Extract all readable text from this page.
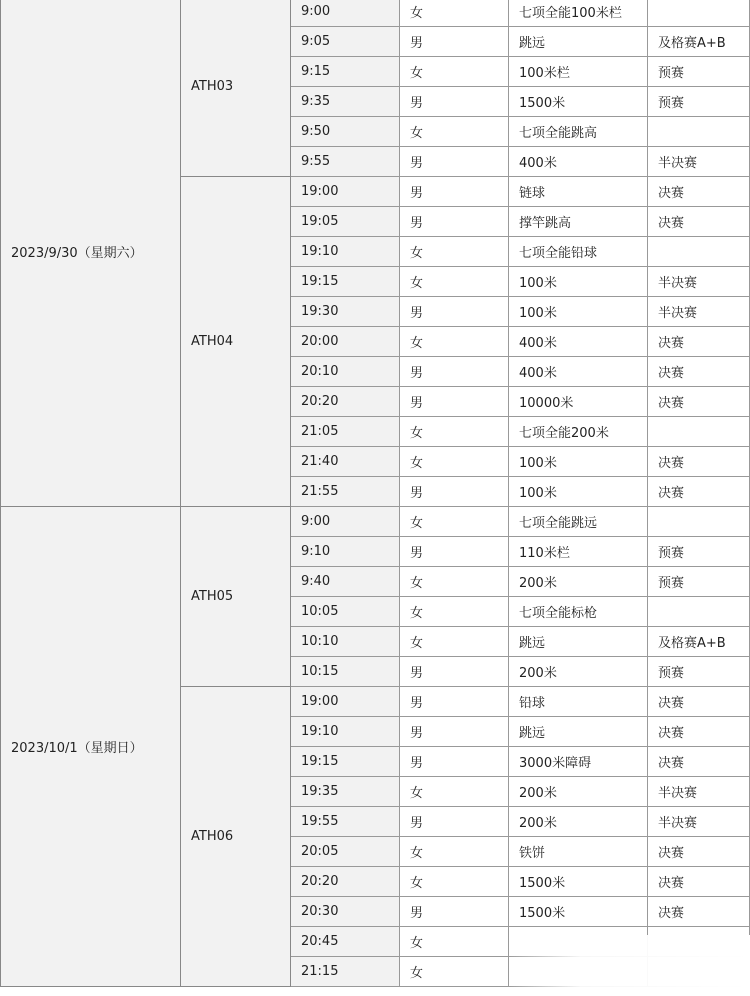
2023/9/30（星期六）	ATH03	9:00	女	七项全能100米栏	
		9:05	男	跳远	及格赛A+B
		9:15	女	100米栏	预赛
		9:35	男	1500米	预赛
		9:50	女	七项全能跳高	
		9:55	男	400米	半决赛
	ATH04	19:00	男	链球	决赛
		19:05	男	撑竿跳高	决赛
		19:10	女	七项全能铅球	
		19:15	女	100米	半决赛
		19:30	男	100米	半决赛
		20:00	女	400米	决赛
		20:10	男	400米	决赛
		20:20	男	10000米	决赛
		21:05	女	七项全能200米	
		21:40	女	100米	决赛
		21:55	男	100米	决赛
2023/10/1（星期日）	ATH05	9:00	女	七项全能跳远	
		9:10	男	110米栏	预赛
		9:40	女	200米	预赛
		10:05	女	七项全能标枪	
		10:10	女	跳远	及格赛A+B
		10:15	男	200米	预赛
	ATH06	19:00	男	铅球	决赛
		19:10	男	跳远	决赛
		19:15	男	3000米障碍	决赛
		19:35	女	200米	半决赛
		19:55	男	200米	半决赛
		20:05	女	铁饼	决赛
		20:20	女	1500米	决赛
		20:30	男	1500米	决赛
		20:45	女		
		21:15	女		
